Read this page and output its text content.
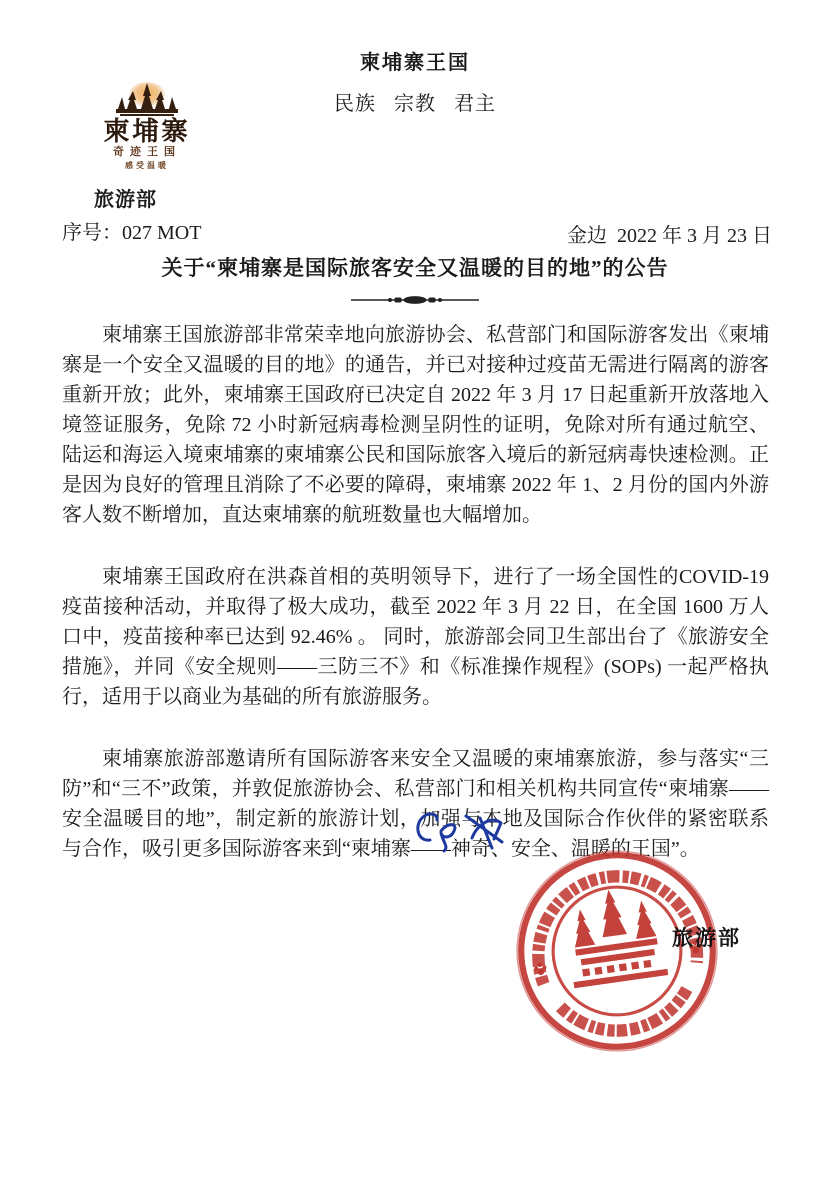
柬埔寨王国
民族 宗教 君主
柬埔寨
奇迹王国
感受温暖
旅游部
序号：027 MOT	金边  2022 年 3 月 23 日
关于“柬埔寨是国际旅客安全又温暖的目的地”的公告

柬埔寨王国旅游部非常荣幸地向旅游协会、私营部门和国际游客发出《柬埔寨是一个安全又温暖的目的地》的通告，并已对接种过疫苗无需进行隔离的游客重新开放；此外，柬埔寨王国政府已决定自 2022 年 3 月 17 日起重新开放落地入境签证服务，免除 72 小时新冠病毒检测呈阴性的证明，免除对所有通过航空、陆运和海运入境柬埔寨的柬埔寨公民和国际旅客入境后的新冠病毒快速检测。正是因为良好的管理且消除了不必要的障碍，柬埔寨 2022 年 1、2 月份的国内外游客人数不断增加，直达柬埔寨的航班数量也大幅增加。

柬埔寨王国政府在洪森首相的英明领导下，进行了一场全国性的COVID-19 疫苗接种活动，并取得了极大成功，截至 2022 年 3 月 22 日，在全国 1600 万人口中，疫苗接种率已达到 92.46% 。 同时，旅游部会同卫生部出台了《旅游安全措施》，并同《安全规则——三防三不》和《标准操作规程》(SOPs) 一起严格执行，适用于以商业为基础的所有旅游服务。

柬埔寨旅游部邀请所有国际游客来安全又温暖的柬埔寨旅游，参与落实“三防”和“三不”政策，并敦促旅游协会、私营部门和相关机构共同宣传“柬埔寨——安全温暖目的地”，制定新的旅游计划，加强与本地及国际合作伙伴的紧密联系与合作，吸引更多国际游客来到“柬埔寨——神奇、安全、温暖的王国”。

旅游部
